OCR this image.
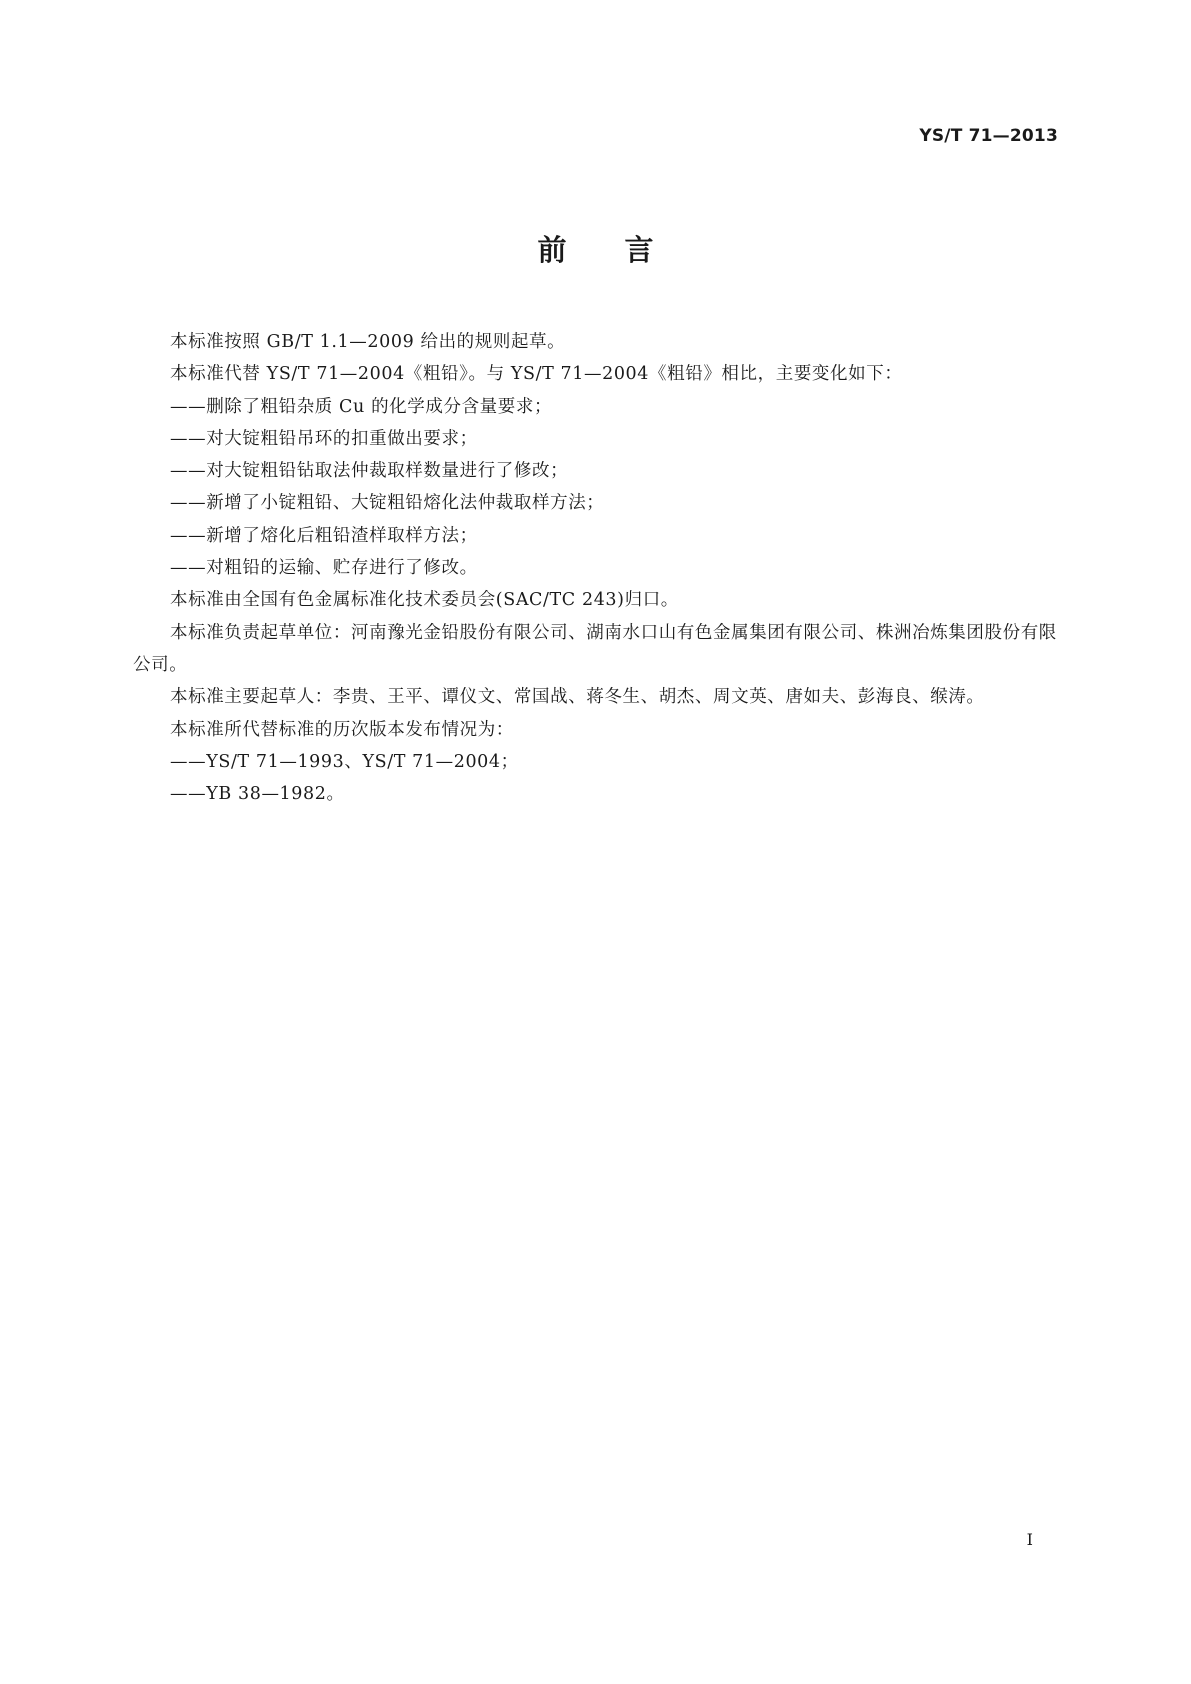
YS/T 71—2013
前言

本标准按照 GB/T 1.1—2009 给出的规则起草。

本标准代替 YS/T 71—2004《粗铅》。与 YS/T 71—2004《粗铅》相比，主要变化如下：

——删除了粗铅杂质 Cu 的化学成分含量要求；

——对大锭粗铅吊环的扣重做出要求；

——对大锭粗铅钻取法仲裁取样数量进行了修改；

——新增了小锭粗铅、大锭粗铅熔化法仲裁取样方法；

——新增了熔化后粗铅渣样取样方法；

——对粗铅的运输、贮存进行了修改。

本标准由全国有色金属标准化技术委员会(SAC/TC 243)归口。

本标准负责起草单位：河南豫光金铅股份有限公司、湖南水口山有色金属集团有限公司、株洲冶炼集团股份有限公司。

本标准主要起草人：李贵、王平、谭仪文、常国战、蒋冬生、胡杰、周文英、唐如夫、彭海良、缑涛。

本标准所代替标准的历次版本发布情况为：

——YS/T 71—1993、YS/T 71—2004；

——YB 38—1982。

I
